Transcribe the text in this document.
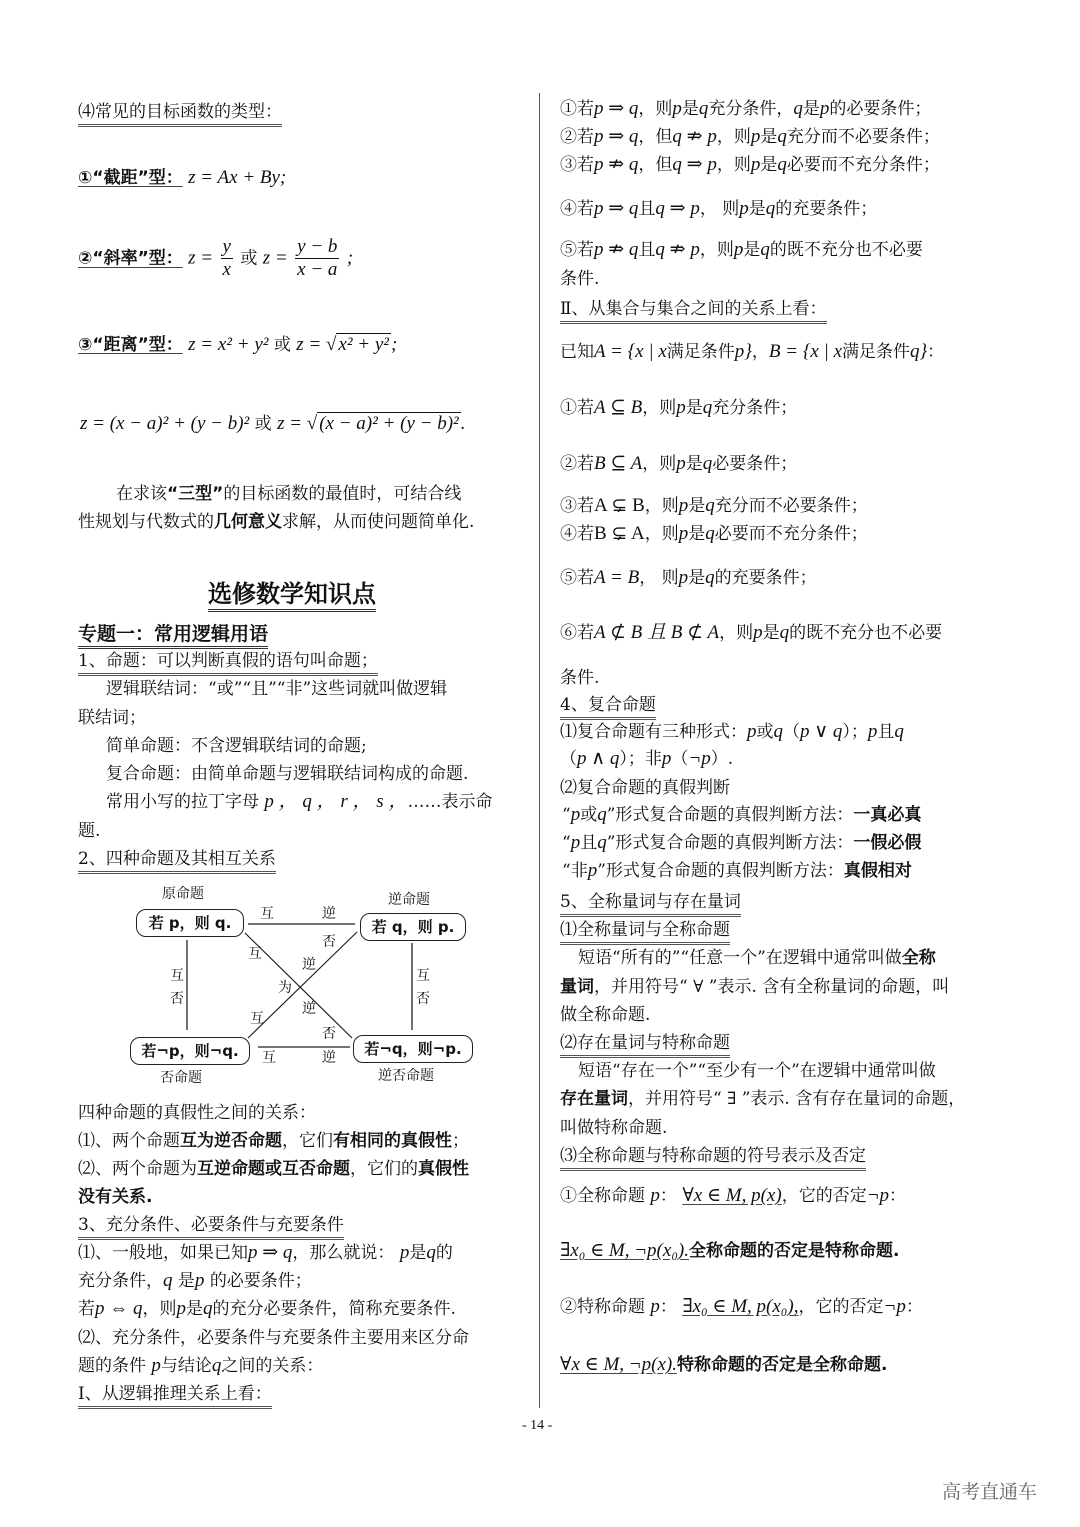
⑷常见的目标函数的类型：
①“截距”型： z = Ax + By;
②“斜率”型： $z = \frac{y}{x}$ 或 $z = \frac{y - b}{x - a}$ ;
③“距离”型： z = x² + y² 或 z = √ x² + y² ;
z = (x − a)² + (y − b)² 或 z = √ (x − a)² + (y − b)² .
在求该“三型”的目标函数的最值时，可结合线
性规划与代数式的几何意义求解，从而使问题简单化.
选修数学知识点
专题一：常用逻辑用语
1、命题：可以判断真假的语句叫命题；
逻辑联结词：“或”“且”“非”这些词就叫做逻辑
联结词；
简单命题：不含逻辑联结词的命题;
复合命题：由简单命题与逻辑联结词构成的命题.
常用小写的拉丁字母 p ， q ， r ， s ，……表示命
题.
2、四种命题及其相互关系
原命题
若 p，则 q.
逆命题
若 q，则 p.
若¬p，则¬q.
否命题
若¬q，则¬p.
逆否命题
互	逆
互	逆
互
否
互
否
互
否
逆
为
逆
互
否
四种命题的真假性之间的关系：
⑴、两个命题互为逆否命题，它们有相同的真假性；
⑵、两个命题为互逆命题或互否命题，它们的真假性
没有关系.
3、充分条件、必要条件与充要条件
⑴、一般地，如果已知p ⇒ q，那么就说： p是q的
充分条件，q 是p 的必要条件；
若p ⇔ q，则p是q的充分必要条件，简称充要条件.
⑵、充分条件，必要条件与充要条件主要用来区分命
题的条件 p与结论q之间的关系：
Ⅰ、从逻辑推理关系上看：
①若p ⇒ q，则p是q充分条件，q是p的必要条件；
②若p ⇒ q，但q ⇏ p，则p是q充分而不必要条件；
③若p ⇏ q，但q ⇒ p，则p是q必要而不充分条件；
④若p ⇒ q且q ⇒ p， 则p是q的充要条件；
⑤若p ⇏ q且q ⇏ p，则p是q的既不充分也不必要
条件.
Ⅱ、从集合与集合之间的关系上看：
已知A = {x | x满足条件p}，B = {x | x满足条件q}：
①若A ⊆ B，则p是q充分条件；
②若B ⊆ A，则p是q必要条件；
③若A ⊊ B，则p是q充分而不必要条件；
④若B ⊊ A，则p是q必要而不充分条件；
⑤若A = B， 则p是q的充要条件；
⑥若A ⊄ B 且 B ⊄ A，则p是q的既不充分也不必要
条件.
4、复合命题
⑴复合命题有三种形式：p或q（p ∨ q）；p且q
（p ∧ q）；非p（¬p）.
⑵复合命题的真假判断
“p或q”形式复合命题的真假判断方法：一真必真
“p且q”形式复合命题的真假判断方法：一假必假
“非p”形式复合命题的真假判断方法：真假相对
5、全称量词与存在量词
⑴全称量词与全称命题
短语“所有的”“任意一个”在逻辑中通常叫做全称
量词，并用符号“ ∀ ”表示. 含有全称量词的命题，叫
做全称命题.
⑵存在量词与特称命题
短语“存在一个”“至少有一个”在逻辑中通常叫做
存在量词，并用符号“ ∃ ”表示. 含有存在量词的命题，
叫做特称命题.
⑶全称命题与特称命题的符号表示及否定
①全称命题 p： ∀x ∈ M, p(x)，它的否定¬p：
∃x₀ ∈ M, ¬p(x₀).全称命题的否定是特称命题.
②特称命题 p： ∃x₀ ∈ M, p(x₀),，它的否定¬p：
∀x ∈ M, ¬p(x).特称命题的否定是全称命题.
- 14 -
高考直通车
